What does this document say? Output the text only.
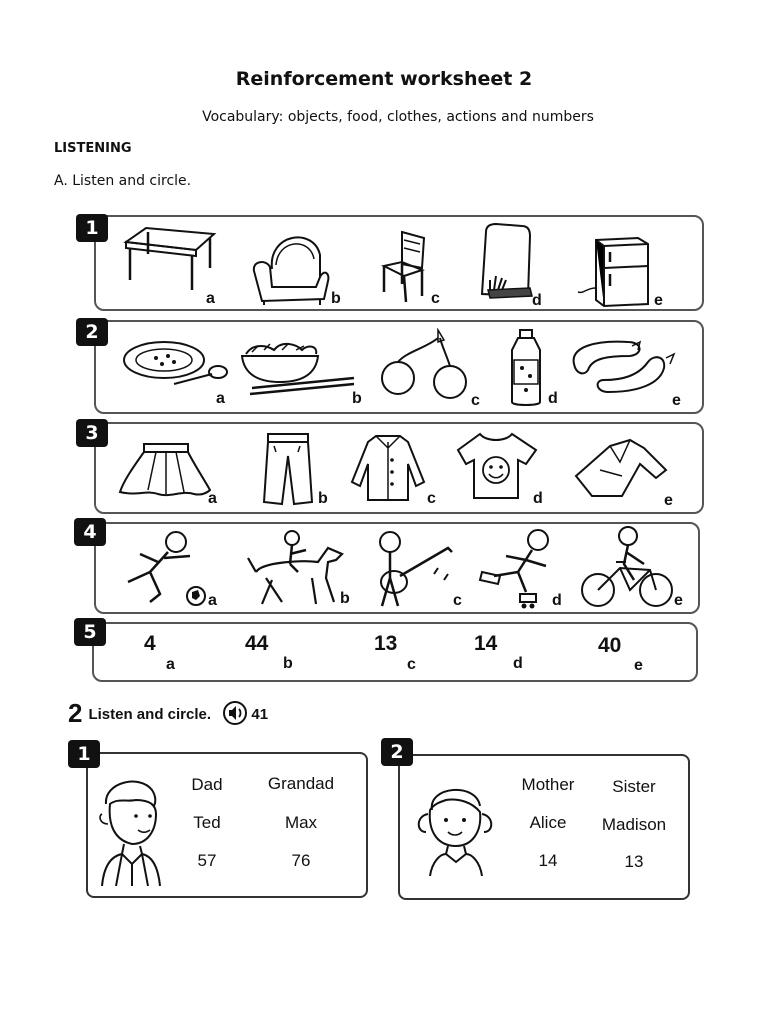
Reinforcement worksheet 2
Vocabulary: objects, food, clothes, actions and numbers
LISTENING
A. Listen and circle.
1
a	b	c	d	e
2
a	b	c	d	e
3
a	b	c	d	e
4
a	b	c	d	e
5	4
a
44
b
13
c
14
d
40
e
2 Listen and circle.	41
1
Dad	Grandad
Ted	Max
57	76
2
Mother	Sister
Alice	Madison
14	13
